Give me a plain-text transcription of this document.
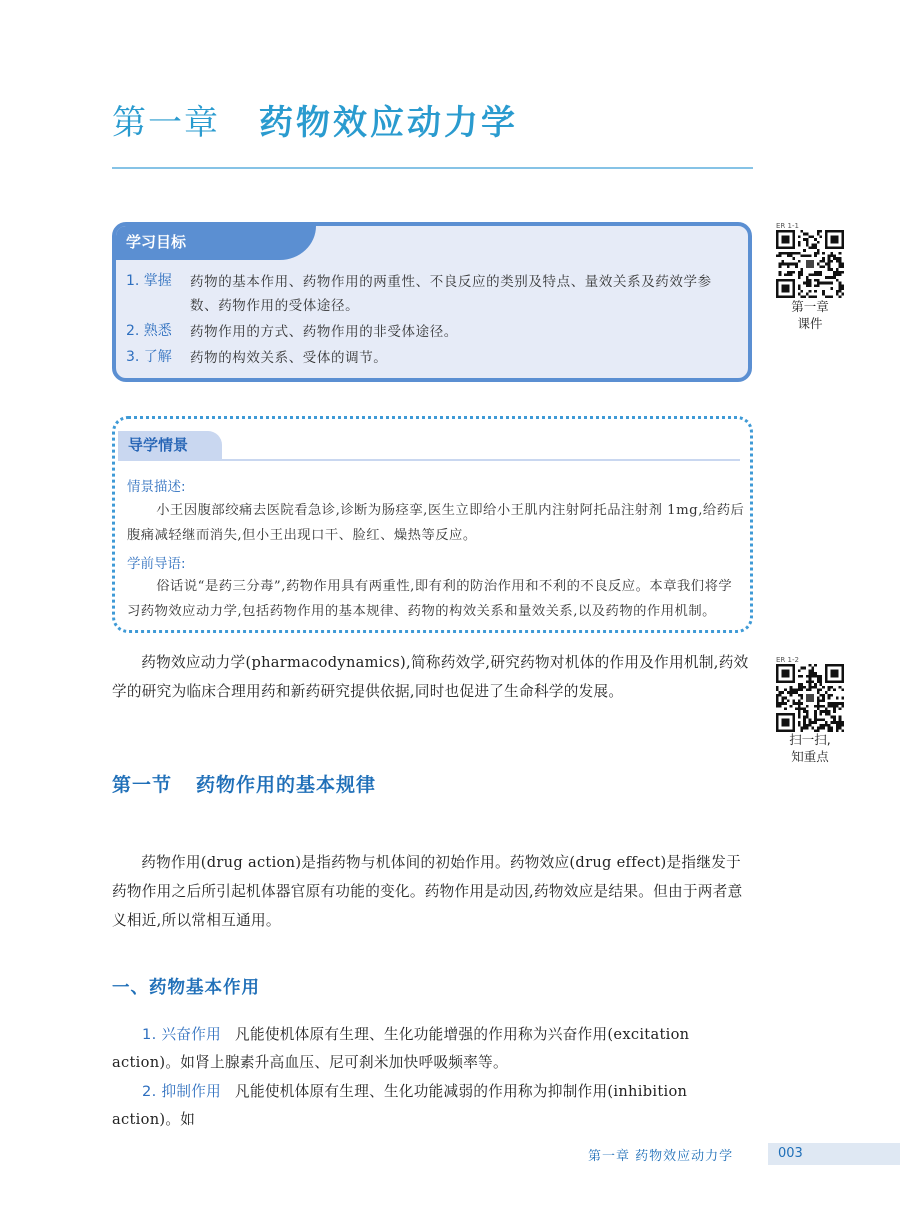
第一章 药物效应动力学
学习目标
1. 掌握 药物的基本作用、药物作用的两重性、不良反应的类别及特点、量效关系及药效学参数、药物作用的受体途径。
2. 熟悉 药物作用的方式、药物作用的非受体途径。
3. 了解 药物的构效关系、受体的调节。
ER 1-1
第一章
课件
导学情景
情景描述:
小王因腹部绞痛去医院看急诊,诊断为肠痉挛,医生立即给小王肌内注射阿托品注射剂 1mg,给药后腹痛减轻继而消失,但小王出现口干、脸红、燥热等反应。
学前导语:
俗话说“是药三分毒”,药物作用具有两重性,即有利的防治作用和不利的不良反应。本章我们将学习药物效应动力学,包括药物作用的基本规律、药物的构效关系和量效关系,以及药物的作用机制。
药物效应动力学(pharmacodynamics),简称药效学,研究药物对机体的作用及作用机制,药效学的研究为临床合理用药和新药研究提供依据,同时也促进了生命科学的发展。
ER 1-2
扫一扫,
知重点
第一节 药物作用的基本规律
药物作用(drug action)是指药物与机体间的初始作用。药物效应(drug effect)是指继发于药物作用之后所引起机体器官原有功能的变化。药物作用是动因,药物效应是结果。但由于两者意义相近,所以常相互通用。
一、药物基本作用
1. 兴奋作用 凡能使机体原有生理、生化功能增强的作用称为兴奋作用(excitation action)。如肾上腺素升高血压、尼可刹米加快呼吸频率等。
2. 抑制作用 凡能使机体原有生理、生化功能减弱的作用称为抑制作用(inhibition action)。如
第一章 药物效应动力学	003
